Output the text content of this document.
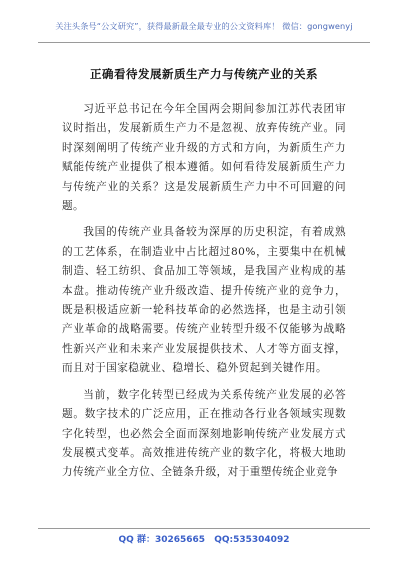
关注头条号“公文研究”，获得最新最全最专业的公文资料库！ 微信：gongwenyj
正确看待发展新质生产力与传统产业的关系

习近平总书记在今年全国两会期间参加江苏代表团审议时指出，发展新质生产力不是忽视、放弃传统产业。同时深刻阐明了传统产业升级的方式和方向，为新质生产力赋能传统产业提供了根本遵循。如何看待发展新质生产力与传统产业的关系？这是发展新质生产力中不可回避的问题。

我国的传统产业具备较为深厚的历史积淀，有着成熟的工艺体系，在制造业中占比超过80%，主要集中在机械制造、轻工纺织、食品加工等领域，是我国产业构成的基本盘。推动传统产业升级改造、提升传统产业的竞争力，既是积极适应新一轮科技革命的必然选择，也是主动引领产业革命的战略需要。传统产业转型升级不仅能够为战略性新兴产业和未来产业发展提供技术、人才等方面支撑，而且对于国家稳就业、稳增长、稳外贸起到关键作用。

当前，数字化转型已经成为关系传统产业发展的必答题。数字技术的广泛应用，正在推动各行业各领域实现数字化转型，也必然会全面而深刻地影响传统产业发展方式发展模式变革。高效推进传统产业的数字化，将极大地助力传统产业全方位、全链条升级，对于重塑传统企业竞争

QQ 群：30265665 QQ:535304092
